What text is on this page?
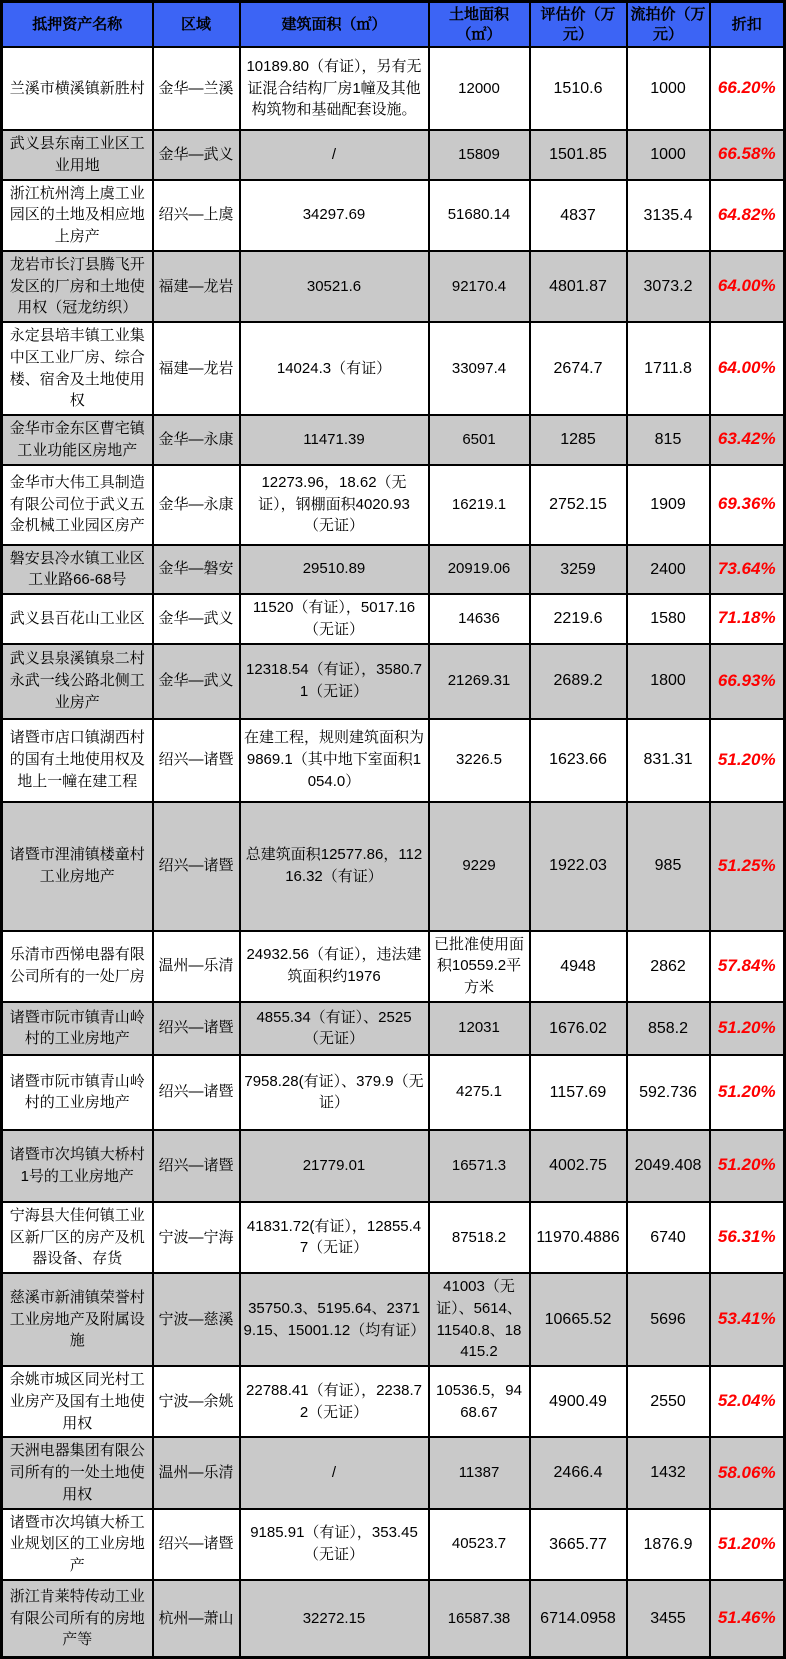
抵押资产名称	区域	建筑面积（㎡）	土地面积（㎡）	评估价（万元）	流拍价（万元）	折扣
兰溪市横溪镇新胜村	金华—兰溪	10189.80（有证），另有无证混合结构厂房1幢及其他构筑物和基础配套设施。	12000	1510.6	1000	66.20%
武义县东南工业区工业用地	金华—武义	/	15809	1501.85	1000	66.58%
浙江杭州湾上虞工业园区的土地及相应地上房产	绍兴—上虞	34297.69	51680.14	4837	3135.4	64.82%
龙岩市长汀县腾飞开发区的厂房和土地使用权（冠龙纺织）	福建—龙岩	30521.6	92170.4	4801.87	3073.2	64.00%
永定县培丰镇工业集中区工业厂房、综合楼、宿舍及土地使用权	福建—龙岩	14024.3（有证）	33097.4	2674.7	1711.8	64.00%
金华市金东区曹宅镇工业功能区房地产	金华—永康	11471.39	6501	1285	815	63.42%
金华市大伟工具制造有限公司位于武义五金机械工业园区房产	金华—永康	12273.96，18.62（无证），钢棚面积4020.93（无证）	16219.1	2752.15	1909	69.36%
磐安县冷水镇工业区工业路66-68号	金华—磐安	29510.89	20919.06	3259	2400	73.64%
武义县百花山工业区	金华—武义	11520（有证），5017.16（无证）	14636	2219.6	1580	71.18%
武义县泉溪镇泉二村永武一线公路北侧工业房产	金华—武义	12318.54（有证），3580.71（无证）	21269.31	2689.2	1800	66.93%
诸暨市店口镇湖西村的国有土地使用权及地上一幢在建工程	绍兴—诸暨	在建工程，规则建筑面积为9869.1（其中地下室面积1054.0）	3226.5	1623.66	831.31	51.20%
诸暨市浬浦镇楼童村工业房地产	绍兴—诸暨	总建筑面积12577.86，11216.32（有证）	9229	1922.03	985	51.25%
乐清市西悌电器有限公司所有的一处厂房	温州—乐清	24932.56（有证），违法建筑面积约1976	已批准使用面积10559.2平方米	4948	2862	57.84%
诸暨市阮市镇青山岭村的工业房地产	绍兴—诸暨	4855.34（有证）、2525（无证）	12031	1676.02	858.2	51.20%
诸暨市阮市镇青山岭村的工业房地产	绍兴—诸暨	7958.28(有证）、379.9（无证）	4275.1	1157.69	592.736	51.20%
诸暨市次坞镇大桥村1号的工业房地产	绍兴—诸暨	21779.01	16571.3	4002.75	2049.408	51.20%
宁海县大佳何镇工业区新厂区的房产及机器设备、存货	宁波—宁海	41831.72(有证），12855.47（无证）	87518.2	11970.4886	6740	56.31%
慈溪市新浦镇荣誉村工业房地产及附属设施	宁波—慈溪	35750.3、5195.64、23719.15、15001.12（均有证）	41003（无证）、5614、11540.8、18415.2	10665.52	5696	53.41%
余姚市城区同光村工业房产及国有土地使用权	宁波—余姚	22788.41（有证），2238.72（无证）	10536.5，9468.67	4900.49	2550	52.04%
天洲电器集团有限公司所有的一处土地使用权	温州—乐清	/	11387	2466.4	1432	58.06%
诸暨市次坞镇大桥工业规划区的工业房地产	绍兴—诸暨	9185.91（有证），353.45（无证）	40523.7	3665.77	1876.9	51.20%
浙江肯莱特传动工业有限公司所有的房地产等	杭州—萧山	32272.15	16587.38	6714.0958	3455	51.46%
